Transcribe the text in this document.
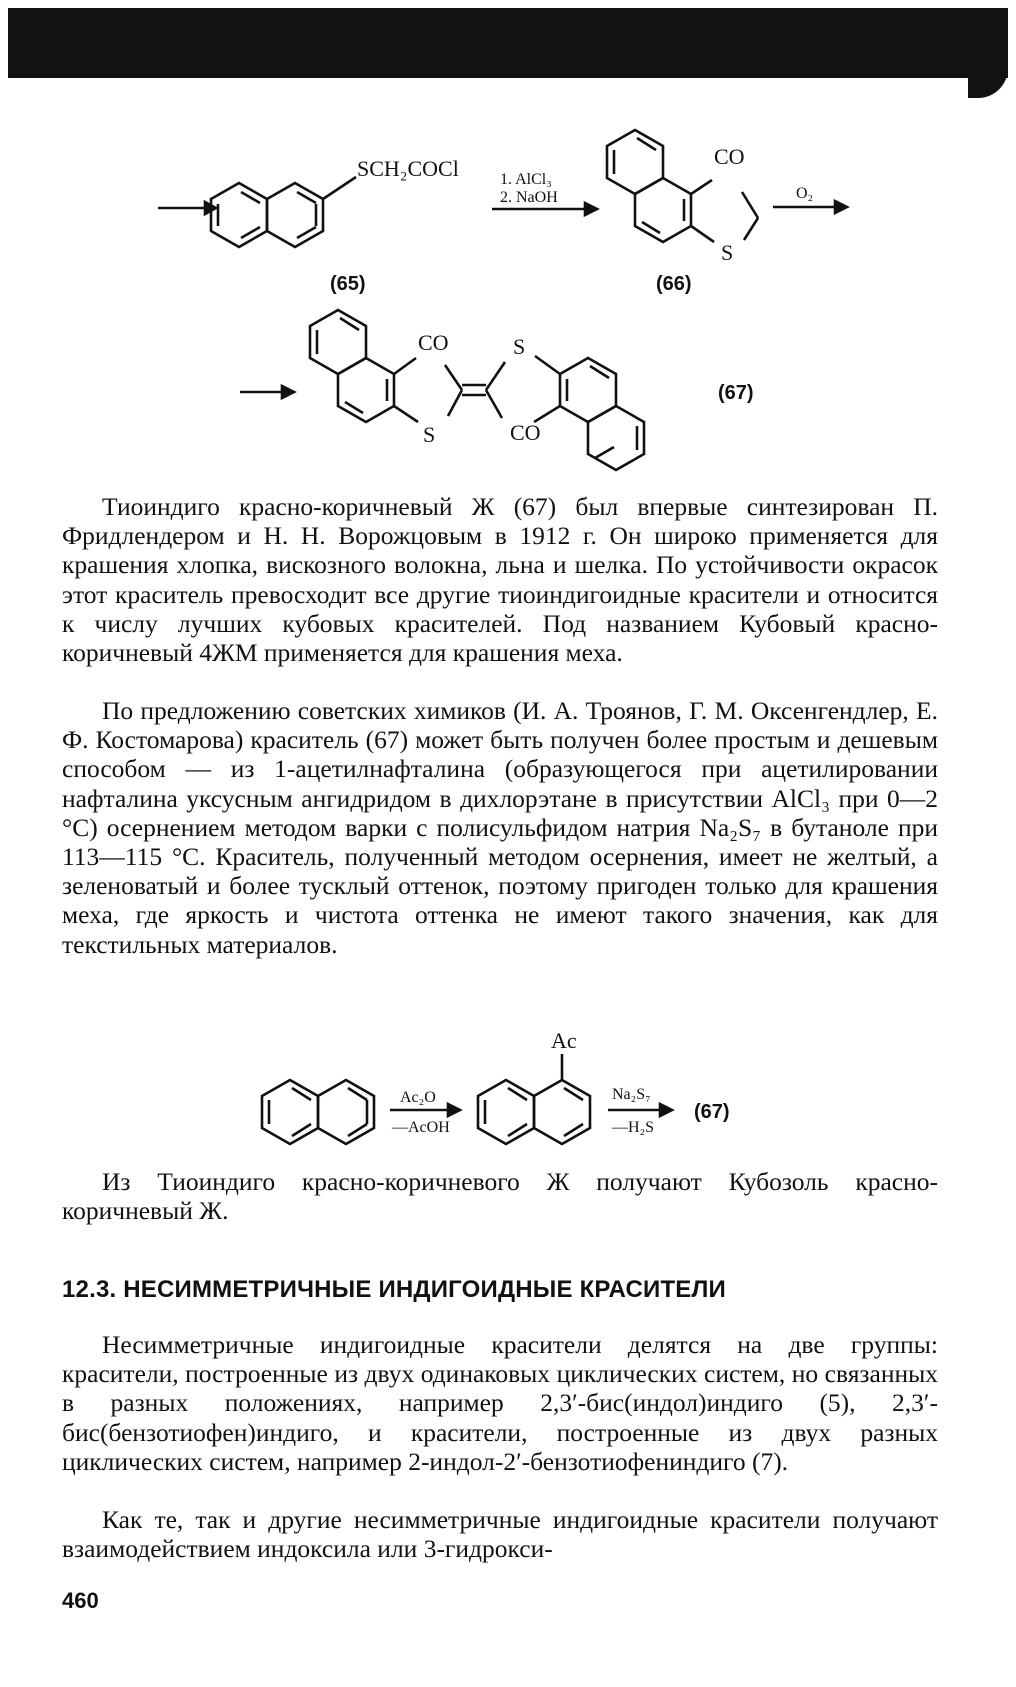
SCH₂COCl	1. AlCl₃
2. NaOH
CO
S
O₂
(65)	(66)
CO
S
S
CO
(67)

Тиоиндиго красно-коричневый Ж (67) был впервые синтезирован П. Фридлендером и Н. Н. Ворожцовым в 1912 г. Он широко применяется для крашения хлопка, вискозного волокна, льна и шелка. По устойчивости окрасок этот краситель превосходит все другие тиоиндигоидные красители и относится к числу лучших кубовых красителей. Под названием Кубовый красно-коричневый 4ЖМ применяется для крашения меха.

По предложению советских химиков (И. А. Троянов, Г. М. Оксенгендлер, Е. Ф. Костомарова) краситель (67) может быть получен более простым и дешевым способом — из 1-ацетилнафталина (образующегося при ацетилировании нафталина уксусным ангидридом в дихлорэтане в присутствии AlCl₃ при 0—2 °C) осернением методом варки с полисульфидом натрия Na₂S₇ в бутаноле при 113—115 °C. Краситель, полученный методом осернения, имеет не желтый, а зеленоватый и более тусклый оттенок, поэтому пригоден только для крашения меха, где яркость и чистота оттенка не имеют такого значения, как для текстильных материалов.

Ac
Ac₂O
—AcOH
Na₂S₇
—H₂S
(67)

Из Тиоиндиго красно-коричневого Ж получают Кубозоль красно-коричневый Ж.

12.3. НЕСИММЕТРИЧНЫЕ ИНДИГОИДНЫЕ КРАСИТЕЛИ

Несимметричные индигоидные красители делятся на две группы: красители, построенные из двух одинаковых циклических систем, но связанных в разных положениях, например 2,3′-бис(индол)индиго (5), 2,3′-бис(бензотиофен)индиго, и красители, построенные из двух разных циклических систем, например 2-индол-2′-бензотиофениндиго (7).

Как те, так и другие несимметричные индигоидные красители получают взаимодействием индоксила или 3-гидрокси-

460
